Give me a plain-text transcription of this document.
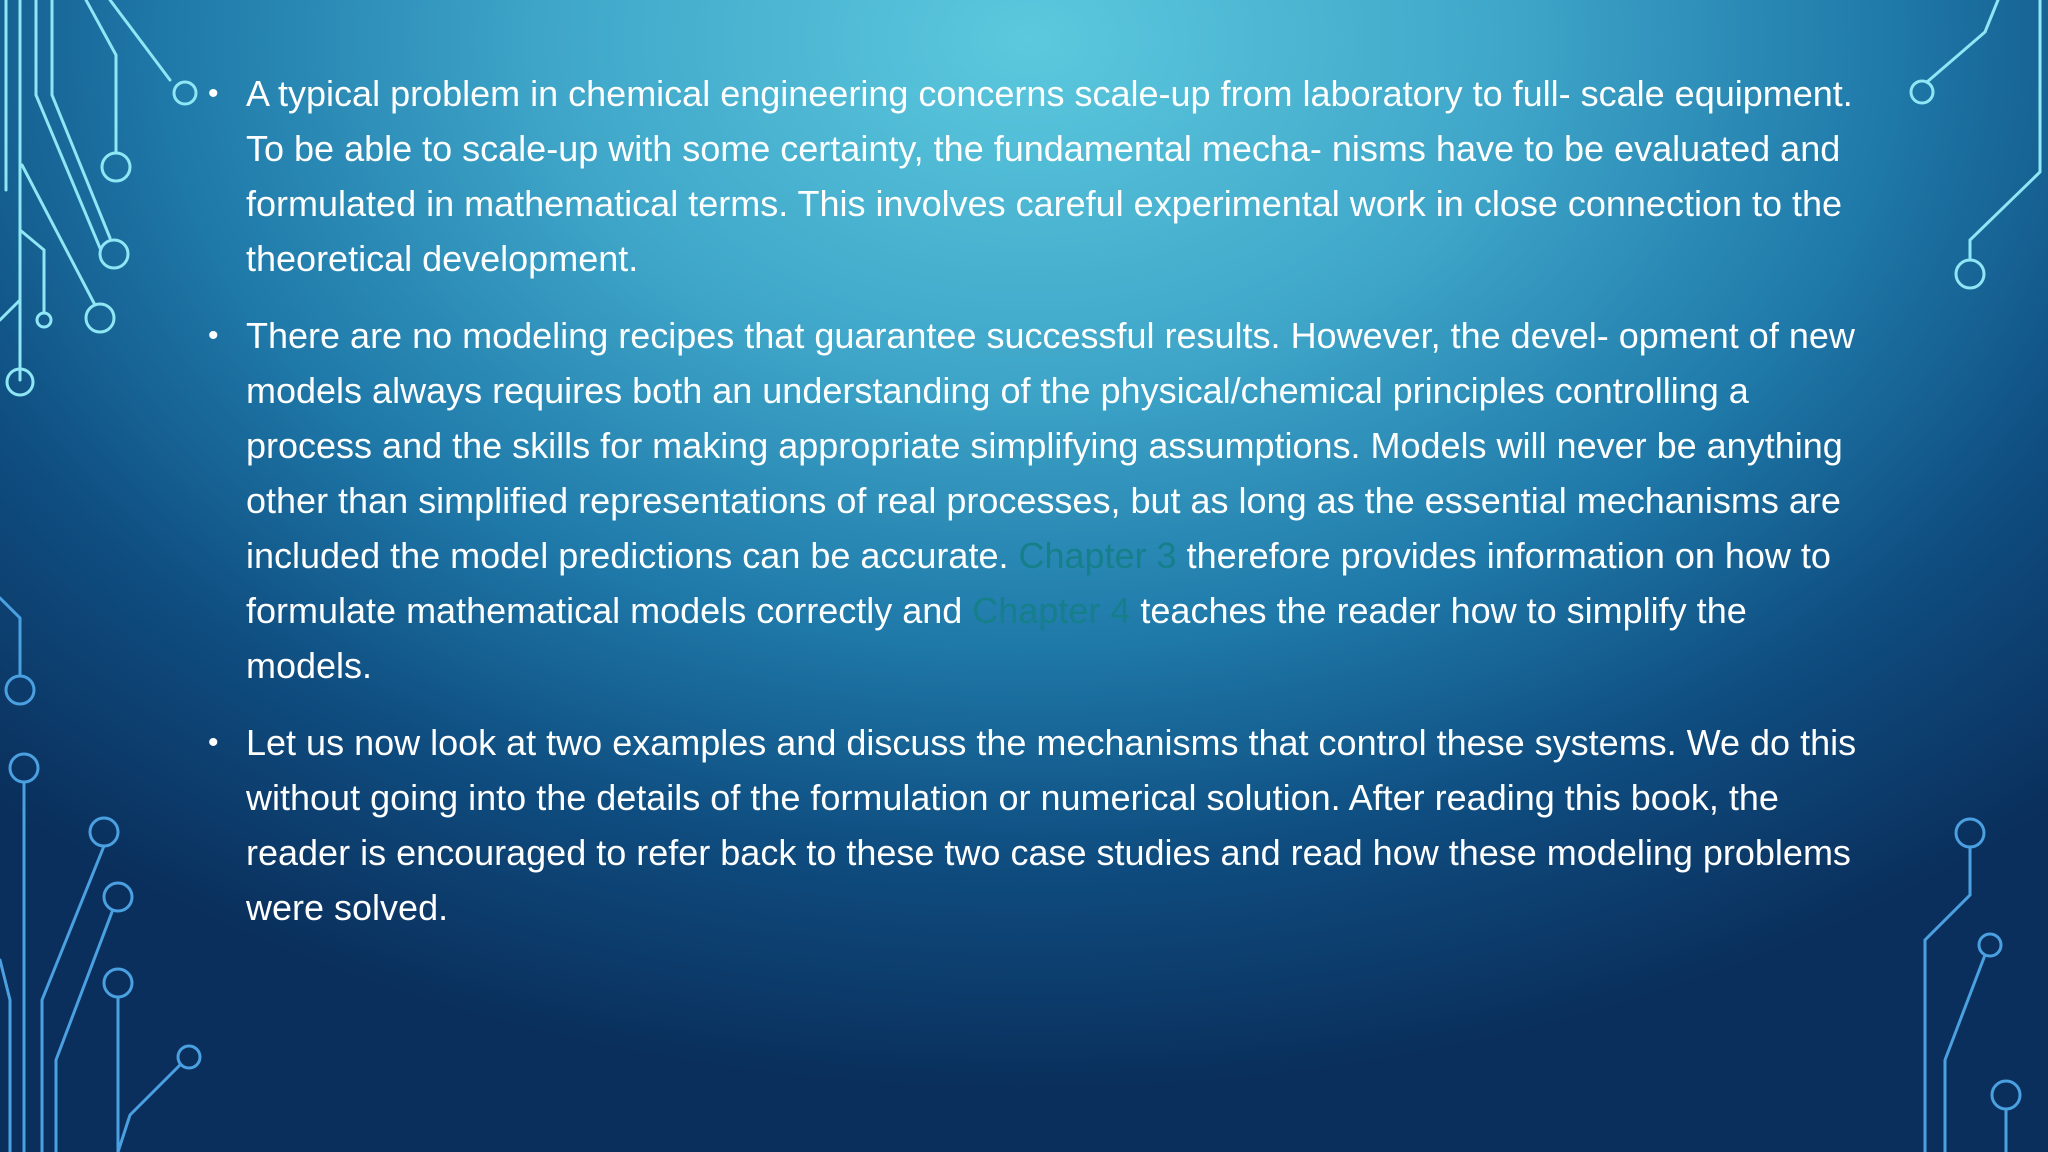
• A typical problem in chemical engineering concerns scale-up from laboratory to full- scale equipment. To be able to scale-up with some certainty, the fundamental mecha- nisms have to be evaluated and formulated in mathematical terms. This involves careful experimental work in close connection to the theoretical development.

• There are no modeling recipes that guarantee successful results. However, the devel- opment of new models always requires both an understanding of the physical/chemical principles controlling a process and the skills for making appropriate simplifying assumptions. Models will never be anything other than simplified representations of real processes, but as long as the essential mechanisms are included the model predictions can be accurate. Chapter 3 therefore provides information on how to formulate mathematical models correctly and Chapter 4 teaches the reader how to simplify the models.

• Let us now look at two examples and discuss the mechanisms that control these systems. We do this without going into the details of the formulation or numerical solution. After reading this book, the reader is encouraged to refer back to these two case studies and read how these modeling problems were solved.
